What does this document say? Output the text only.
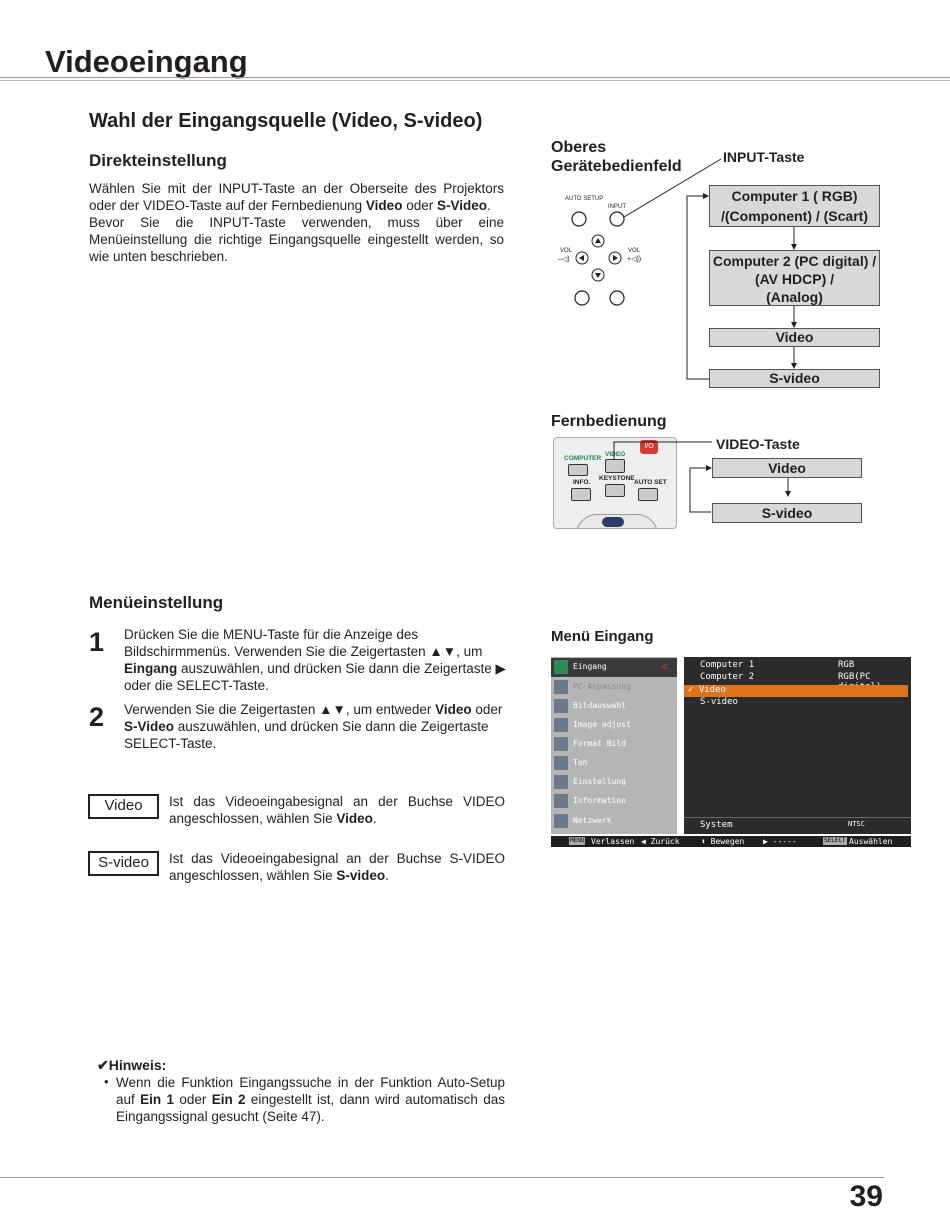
Videoeingang
Wahl der Eingangsquelle (Video, S-video)
Direkteinstellung

Wählen Sie mit der INPUT-Taste an der Oberseite des Projektors oder der VIDEO-Taste auf der Fernbedienung Video oder S-Video.

Bevor Sie die INPUT-Taste verwenden, muss über eine Menüeinstellung die richtige Eingangsquelle eingestellt werden, so wie unten beschrieben.

Oberes
Gerätebedienfeld
INPUT-Taste
AUTO SETUP
INPUT
VOL
–◁)
VOL
+◁))
Computer 1 ( RGB)
/(Component) / (Scart)
Computer 2 (PC digital) /
(AV HDCP) /
(Analog)
Video
S-video
Fernbedienung
VIDEO-Taste
I/Ò
COMPUTER
VIDEO
INFO.
KEYSTONE
AUTO SET
Video
S-video
Menüeinstellung
1 Drücken Sie die MENU-Taste für die Anzeige des Bildschirmmenüs. Verwenden Sie die Zeigertasten ▲▼, um Eingang auszuwählen, und drücken Sie dann die Zeigertaste ▶ oder die SELECT-Taste.

2 Verwenden Sie die Zeigertasten ▲▼, um entweder Video oder S-Video auszuwählen, und drücken Sie dann die Zeigertaste SELECT-Taste.

Video	Ist das Videoeingabesignal an der Buchse VIDEO angeschlossen, wählen Sie Video.

S-video	Ist das Videoeingabesignal an der Buchse S-VIDEO angeschlossen, wählen Sie S-video.

Menü Eingang
Eingang	<
PC-Anpassung
Bildauswahl
Image adjust
Format Bild
Ton
Einstellung
Information
Netzwerk
Computer 1	RGB
Computer 2	RGB(PC
✓ Video
S-video
System	NTSC
MENU Verlassen ◀ Zurück	⬍ Bewegen ▶ -----	SELECT Auswählen
✔Hinweis:
• Wenn die Funktion Eingangssuche in der Funktion Auto-Setup auf Ein 1 oder Ein 2 eingestellt ist, dann wird automatisch das Eingangssignal gesucht (Seite 47).

39
